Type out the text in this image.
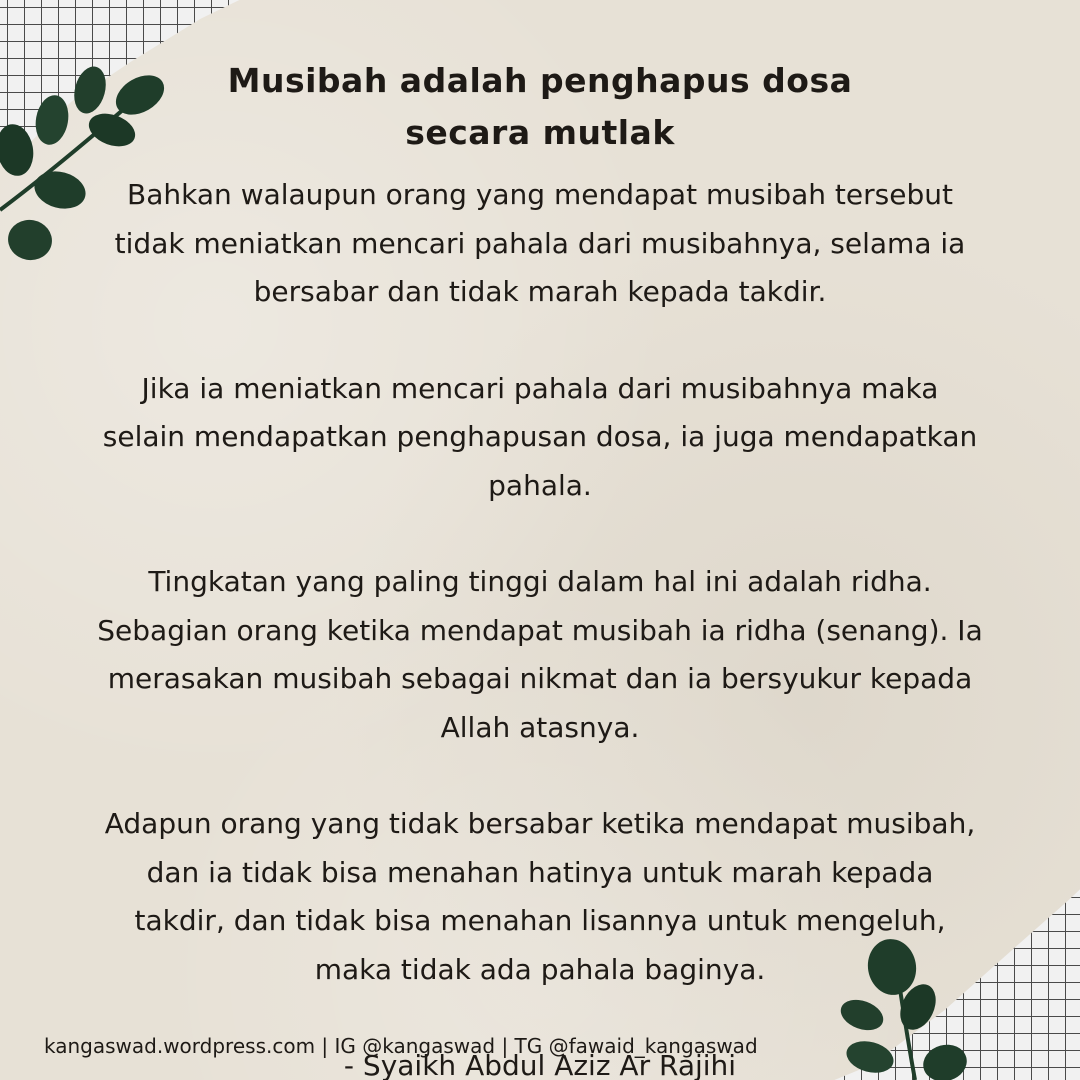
Musibah adalah penghapus dosa
secara mutlak

Bahkan walaupun orang yang mendapat musibah tersebut
tidak meniatkan mencari pahala dari musibahnya, selama ia
bersabar dan tidak marah kepada takdir.

Jika ia meniatkan mencari pahala dari musibahnya maka
selain mendapatkan penghapusan dosa, ia juga mendapatkan
pahala.

Tingkatan yang paling tinggi dalam hal ini adalah ridha.
Sebagian orang ketika mendapat musibah ia ridha (senang). Ia
merasakan musibah sebagai nikmat dan ia bersyukur kepada
Allah atasnya.

Adapun orang yang tidak bersabar ketika mendapat musibah,
dan ia tidak bisa menahan hatinya untuk marah kepada
takdir, dan tidak bisa menahan lisannya untuk mengeluh,
maka tidak ada pahala baginya.

- Syaikh Abdul Aziz Ar Rajihi

kangaswad.wordpress.com | IG @kangaswad | TG @fawaid_kangaswad
